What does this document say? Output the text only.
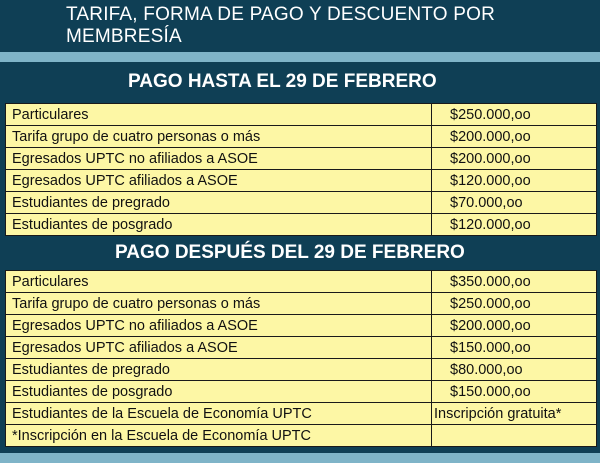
TARIFA, FORMA DE PAGO Y DESCUENTO POR MEMBRESÍA
PAGO HASTA EL 29 DE FEBRERO
Particulares	$250.000,oo
Tarifa grupo de cuatro personas o más	$200.000,oo
Egresados UPTC no afiliados a ASOE	$200.000,oo
Egresados UPTC afiliados a ASOE	$120.000,oo
Estudiantes de pregrado	$70.000,oo
Estudiantes de posgrado	$120.000,oo
PAGO DESPUÉS DEL 29 DE FEBRERO
Particulares	$350.000,oo
Tarifa grupo de cuatro personas o más	$250.000,oo
Egresados UPTC no afiliados a ASOE	$200.000,oo
Egresados UPTC afiliados a ASOE	$150.000,oo
Estudiantes de pregrado	$80.000,oo
Estudiantes de posgrado	$150.000,oo
Estudiantes de la Escuela de Economía UPTC	Inscripción gratuita*
*Inscripción en la Escuela de Economía UPTC	
